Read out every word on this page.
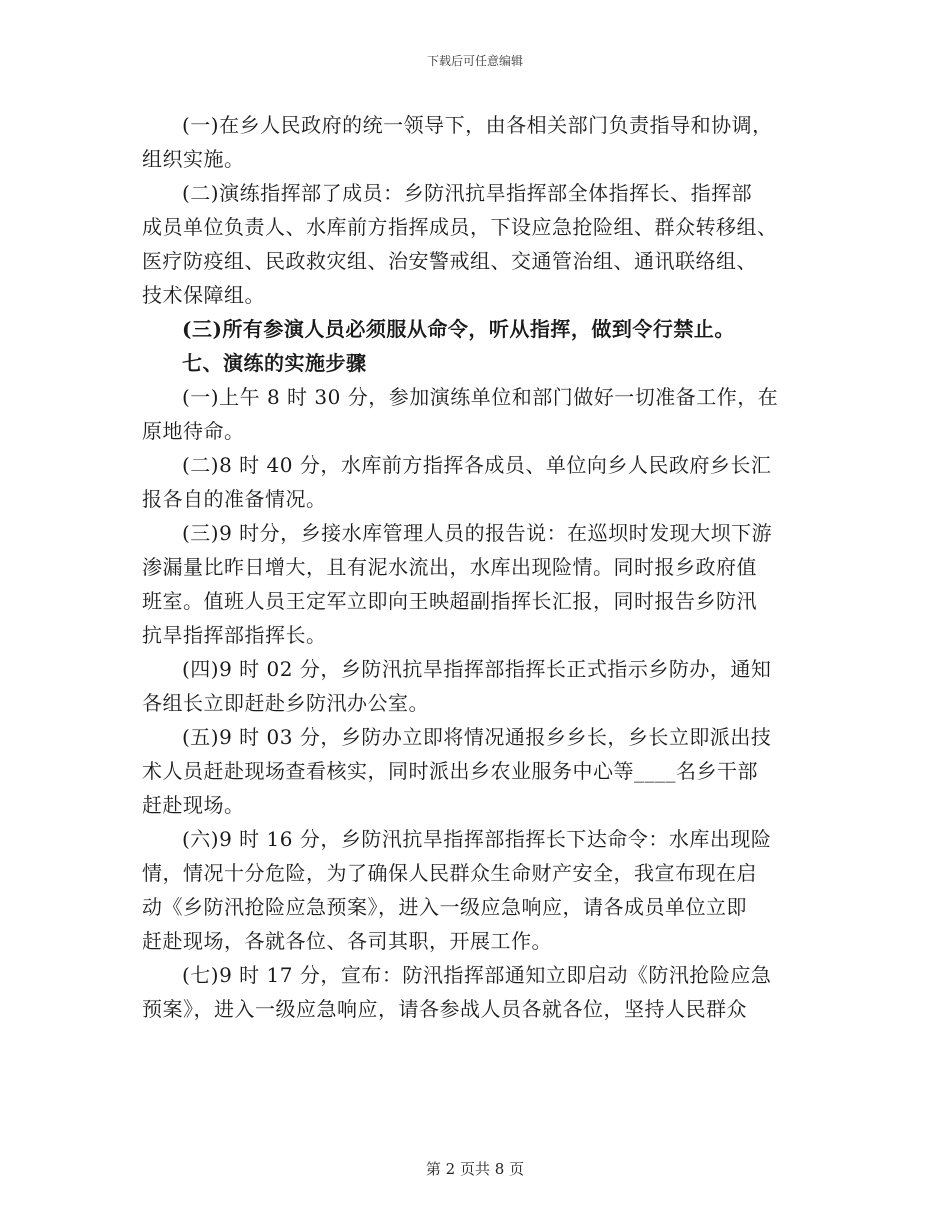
下载后可任意编辑

(一)在乡人民政府的统一领导下，由各相关部门负责指导和协调，
组织实施。

(二)演练指挥部了成员：乡防汛抗旱指挥部全体指挥长、指挥部
成员单位负责人、水库前方指挥成员，下设应急抢险组、群众转移组、
医疗防疫组、民政救灾组、治安警戒组、交通管治组、通讯联络组、
技术保障组。

(三)所有参演人员必须服从命令，听从指挥，做到令行禁止。

七、演练的实施步骤

(一)上午 8 时 30 分，参加演练单位和部门做好一切准备工作，在
原地待命。

(二)8 时 40 分，水库前方指挥各成员、单位向乡人民政府乡长汇
报各自的准备情况。

(三)9 时分，乡接水库管理人员的报告说：在巡坝时发现大坝下游
渗漏量比昨日增大，且有泥水流出，水库出现险情。同时报乡政府值
班室。值班人员王定军立即向王映超副指挥长汇报，同时报告乡防汛
抗旱指挥部指挥长。

(四)9 时 02 分，乡防汛抗旱指挥部指挥长正式指示乡防办，通知
各组长立即赶赴乡防汛办公室。

(五)9 时 03 分，乡防办立即将情况通报乡乡长，乡长立即派出技
术人员赶赴现场查看核实，同时派出乡农业服务中心等____名乡干部
赶赴现场。

(六)9 时 16 分，乡防汛抗旱指挥部指挥长下达命令：水库出现险
情，情况十分危险，为了确保人民群众生命财产安全，我宣布现在启
动《乡防汛抢险应急预案》，进入一级应急响应，请各成员单位立即
赶赴现场，各就各位、各司其职，开展工作。

(七)9 时 17 分，宣布：防汛指挥部通知立即启动《防汛抢险应急
预案》，进入一级应急响应，请各参战人员各就各位，坚持人民群众

第 2 页共 8 页
